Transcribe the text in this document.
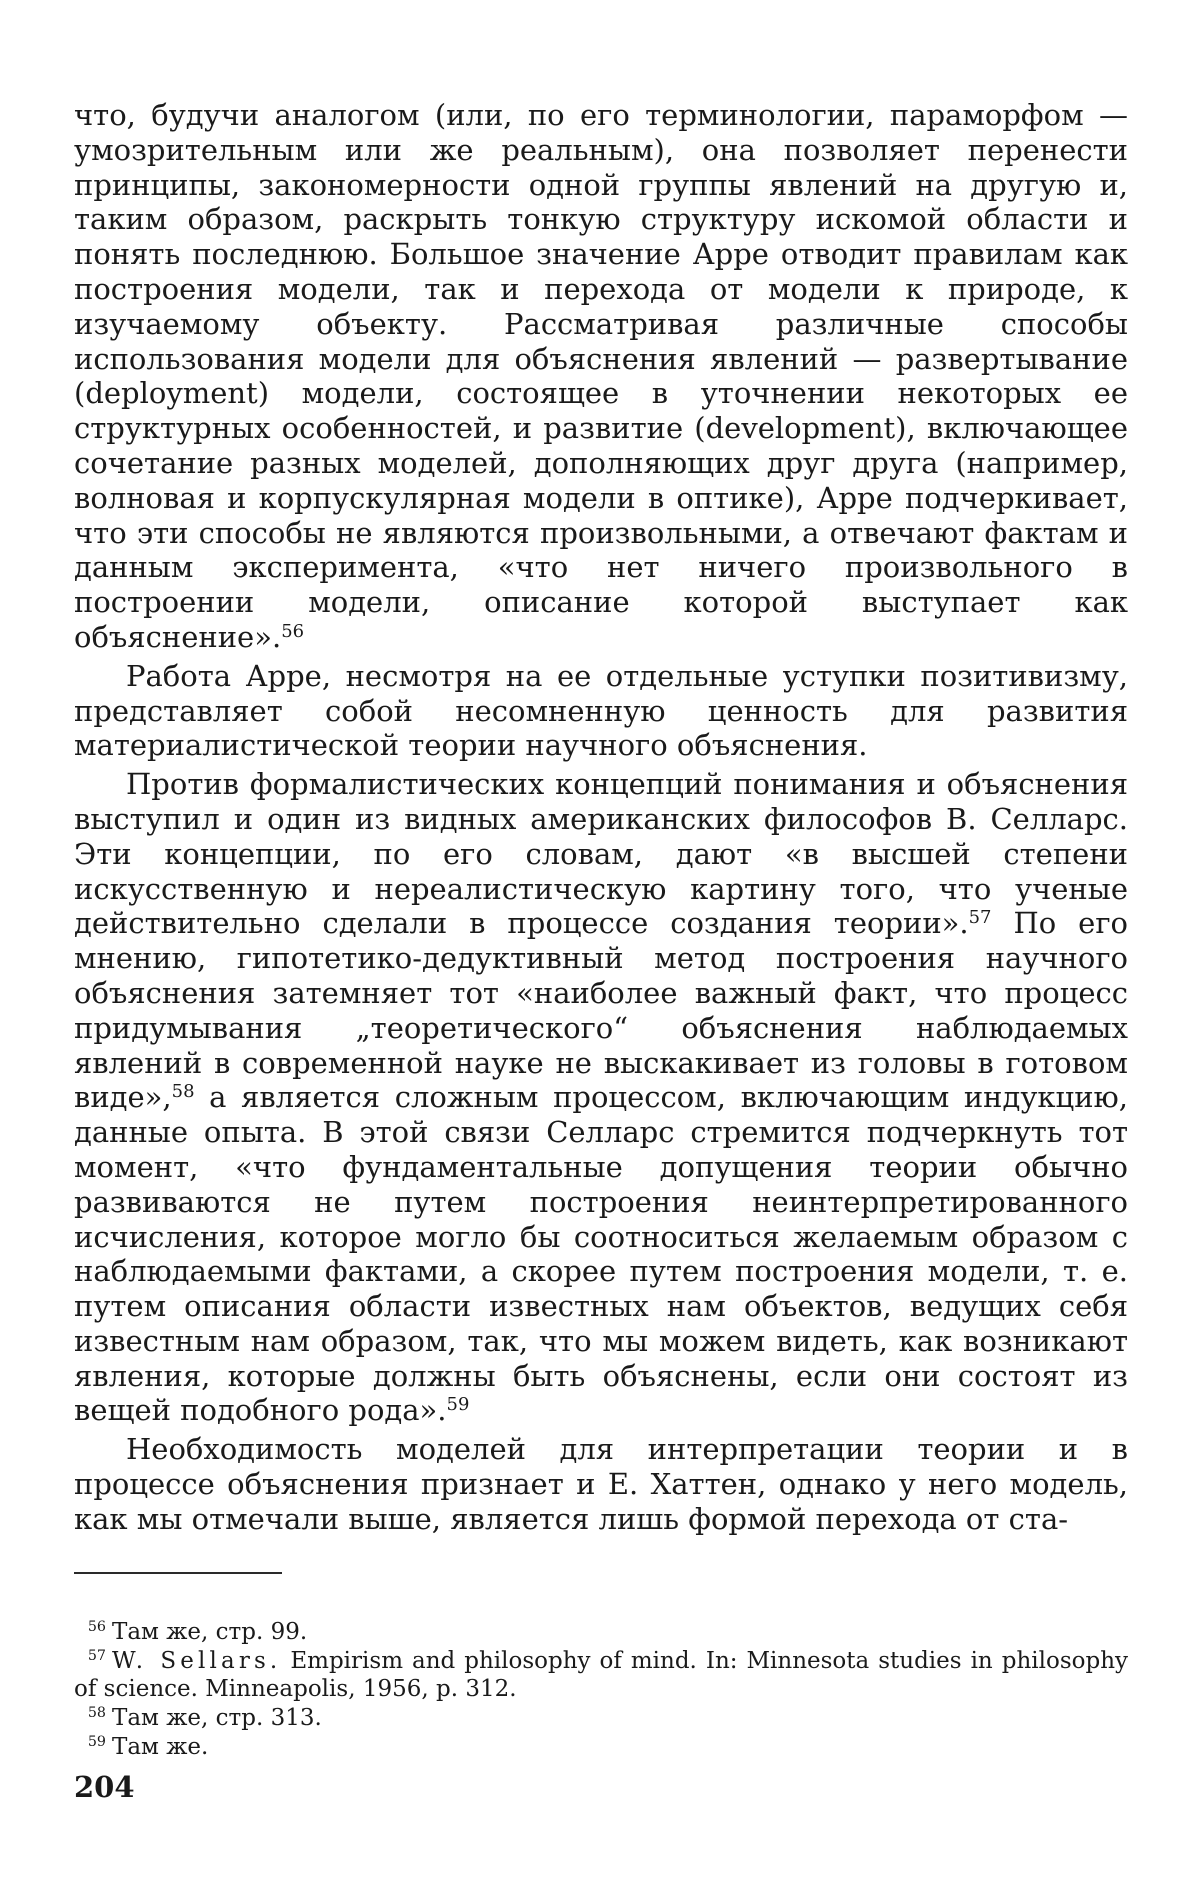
что, будучи аналогом (или, по его терминологии, параморфом — умозрительным или же реальным), она позволяет перенести принципы, закономерности одной группы явлений на другую и, таким образом, раскрыть тонкую структуру искомой области и понять последнюю. Большое значение Арре отводит правилам как построения модели, так и перехода от модели к природе, к изучаемому объекту. Рассматривая различные способы использования модели для объяснения явлений — развертывание (deployment) модели, состоящее в уточнении некоторых ее структурных особенностей, и развитие (development), включающее сочетание разных моделей, дополняющих друг друга (например, волновая и корпускулярная модели в оптике), Арре подчеркивает, что эти способы не являются произвольными, а отвечают фактам и данным эксперимента, «что нет ничего произвольного в построении модели, описание которой выступает как объяснение».$^{56}$

Работа Арре, несмотря на ее отдельные уступки позитивизму, представляет собой несомненную ценность для развития материалистической теории научного объяснения.

Против формалистических концепций понимания и объяснения выступил и один из видных американских философов В. Селларс. Эти концепции, по его словам, дают «в высшей степени искусственную и нереалистическую картину того, что ученые действительно сделали в процессе создания теории».$^{57}$ По его мнению, гипотетико-дедуктивный метод построения научного объяснения затемняет тот «наиболее важный факт, что процесс придумывания „теоретического“ объяснения наблюдаемых явлений в современной науке не выскакивает из головы в готовом виде»,$^{58}$ а является сложным процессом, включающим индукцию, данные опыта. В этой связи Селларс стремится подчеркнуть тот момент, «что фундаментальные допущения теории обычно развиваются не путем построения неинтерпретированного исчисления, которое могло бы соотноситься желаемым образом с наблюдаемыми фактами, а скорее путем построения модели, т. е. путем описания области известных нам объектов, ведущих себя известным нам образом, так, что мы можем видеть, как возникают явления, которые должны быть объяснены, если они состоят из вещей подобного рода».$^{59}$

Необходимость моделей для интерпретации теории и в процессе объяснения признает и Е. Хаттен, однако у него модель, как мы отмечали выше, является лишь формой перехода от ста-

56 Там же, стр. 99.
57 W. Sellars. Empirism and philosophy of mind. In: Minnesota studies in philosophy of science. Minneapolis, 1956, p. 312.
58 Там же, стр. 313.
59 Там же.
204
